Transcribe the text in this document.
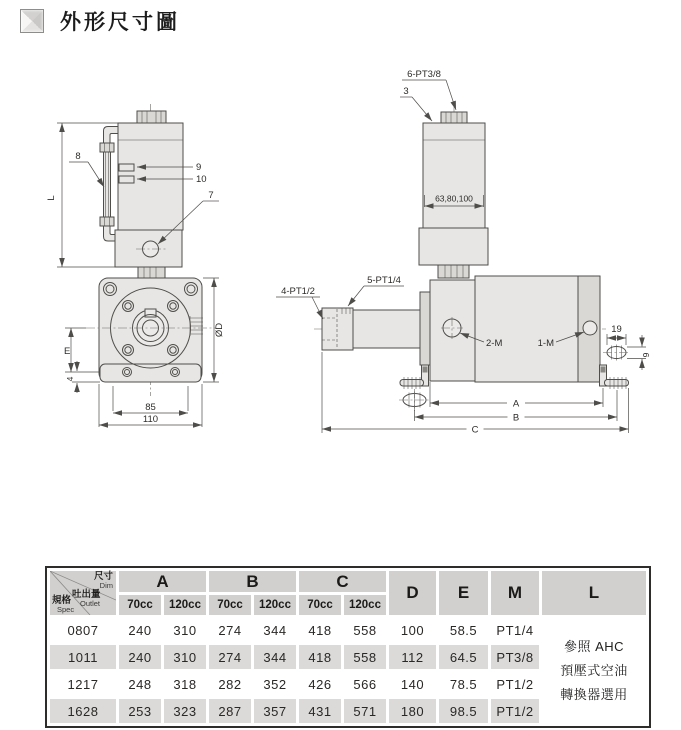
外形尺寸圖
L
E
4
85
110
ØD
8
9
10
7	63,80,100
19
9
A
B
C
6-PT3/8
3
5-PT1/4
4-PT1/2
2-M	1-M
尺寸
Dim
吐出量
Outlet
規格
Spec
	A	B	C	D	E	M	L
	70cc	120cc	70cc	120cc	70cc	120cc				
0807	240	310	274	344	418	558	100	58.5	PT1/4	參照 AHC
預壓式空油
轉換器選用

1011	240	310	274	344	418	558	112	64.5	PT3/8	
1217	248	318	282	352	426	566	140	78.5	PT1/2	
1628	253	323	287	357	431	571	180	98.5	PT1/2	
